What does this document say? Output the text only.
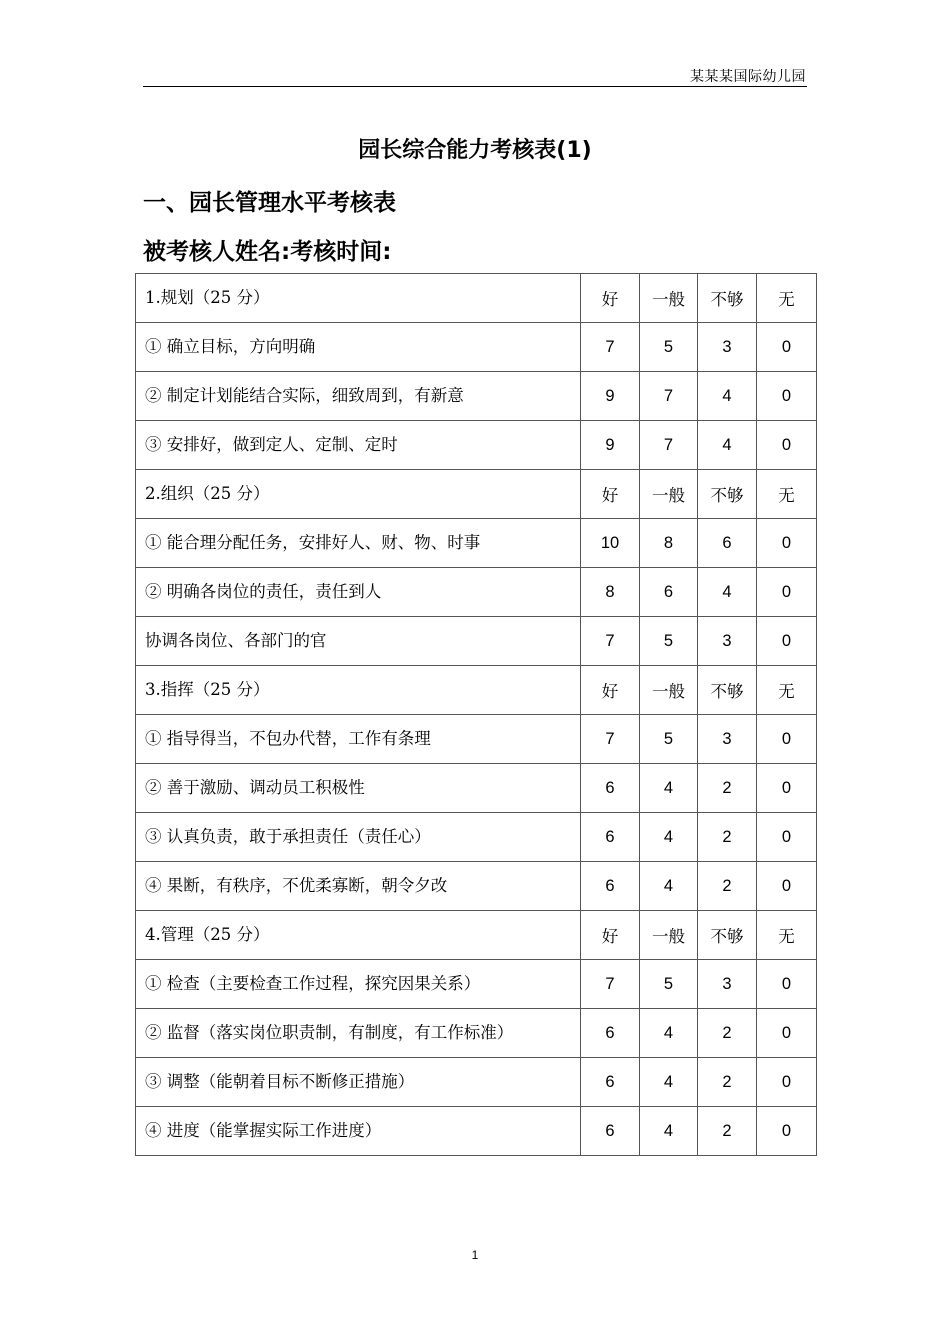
某某某国际幼儿园
园长综合能力考核表(1)
一、园长管理水平考核表
被考核人姓名:考核时间:
1.规划（25 分）	好	一般	不够	无
① 确立目标，方向明确	7	5	3	0
② 制定计划能结合实际，细致周到，有新意	9	7	4	0
③ 安排好，做到定人、定制、定时	9	7	4	0
2.组织（25 分）	好	一般	不够	无
① 能合理分配任务，安排好人、财、物、时事	10	8	6	0
② 明确各岗位的责任，责任到人	8	6	4	0
协调各岗位、各部门的官	7	5	3	0
3.指挥（25 分）	好	一般	不够	无
① 指导得当，不包办代替，工作有条理	7	5	3	0
② 善于激励、调动员工积极性	6	4	2	0
③ 认真负责，敢于承担责任（责任心）	6	4	2	0
④ 果断，有秩序，不优柔寡断，朝令夕改	6	4	2	0
4.管理（25 分）	好	一般	不够	无
① 检查（主要检查工作过程，探究因果关系）	7	5	3	0
② 监督（落实岗位职责制，有制度，有工作标准）	6	4	2	0
③ 调整（能朝着目标不断修正措施）	6	4	2	0
④ 进度（能掌握实际工作进度）	6	4	2	0
1
